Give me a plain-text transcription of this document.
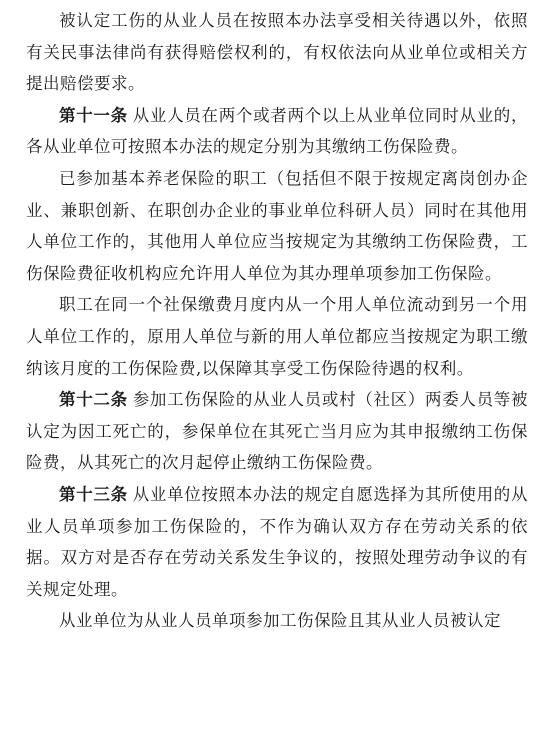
被认定工伤的从业人员在按照本办法享受相关待遇以外，依照有关民事法律尚有获得赔偿权利的，有权依法向从业单位或相关方提出赔偿要求。

第十一条 从业人员在两个或者两个以上从业单位同时从业的，各从业单位可按照本办法的规定分别为其缴纳工伤保险费。

已参加基本养老保险的职工（包括但不限于按规定离岗创办企业、兼职创新、在职创办企业的事业单位科研人员）同时在其他用人单位工作的，其他用人单位应当按规定为其缴纳工伤保险费，工伤保险费征收机构应允许用人单位为其办理单项参加工伤保险。

职工在同一个社保缴费月度内从一个用人单位流动到另一个用人单位工作的，原用人单位与新的用人单位都应当按规定为职工缴纳该月度的工伤保险费,以保障其享受工伤保险待遇的权利。

第十二条 参加工伤保险的从业人员或村（社区）两委人员等被认定为因工死亡的，参保单位在其死亡当月应为其申报缴纳工伤保险费，从其死亡的次月起停止缴纳工伤保险费。

第十三条 从业单位按照本办法的规定自愿选择为其所使用的从业人员单项参加工伤保险的，不作为确认双方存在劳动关系的依据。双方对是否存在劳动关系发生争议的，按照处理劳动争议的有关规定处理。

从业单位为从业人员单项参加工伤保险且其从业人员被认定
